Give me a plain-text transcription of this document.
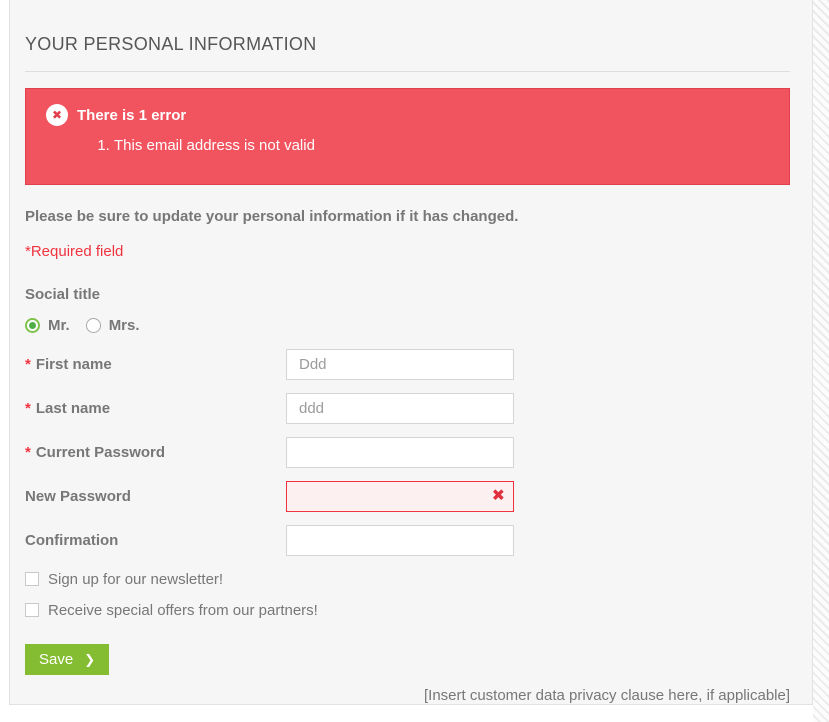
YOUR PERSONAL INFORMATION
✖ There is 1 error
1. This email address is not valid

Please be sure to update your personal information if it has changed.

*Required field

Social title

Mr.	Mrs.
* First name
Ddd
* Last name
ddd
* Current Password
New Password	✖
Confirmation
Sign up for our newsletter!
Receive special offers from our partners!
Save ❯

[Insert customer data privacy clause here, if applicable]
